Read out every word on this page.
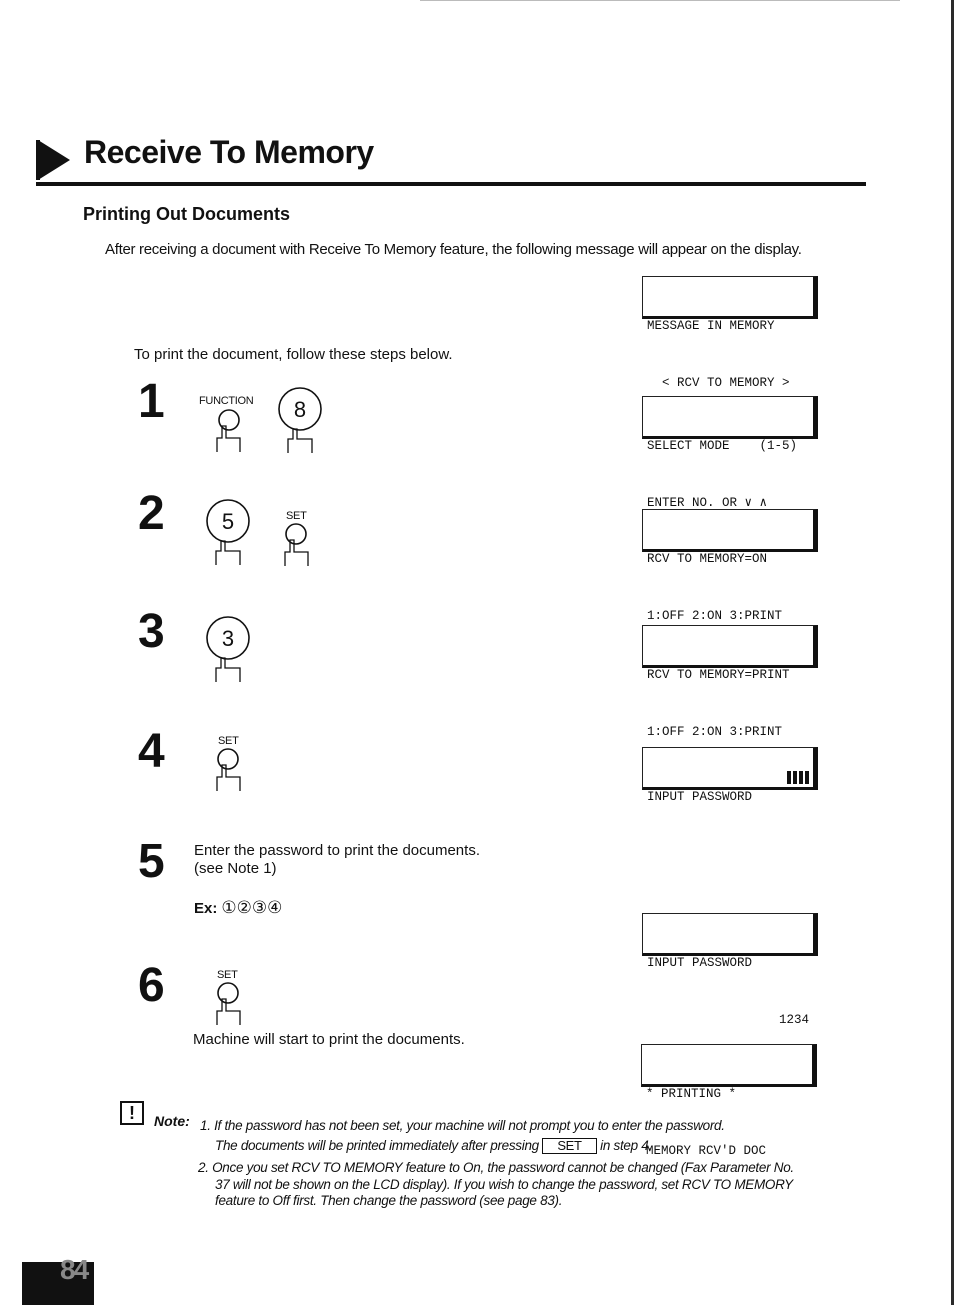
Receive To Memory
Printing Out Documents
After receiving a document with Receive To Memory feature, the following message will appear on the display.

MESSAGE IN MEMORY

< RCV TO MEMORY >

To print the document, follow these steps below.
1	FUNCTION 8

SELECT MODE    (1-5)

ENTER NO. OR ∨ ∧

2	5	SET

RCV TO MEMORY=ON

1:OFF 2:ON 3:PRINT

3	3

RCV TO MEMORY=PRINT

1:OFF 2:ON 3:PRINT

4	SET

INPUT PASSWORD

5 Enter the password to print the documents.
(see Note 1)
Ex: ①②③④

INPUT PASSWORD

1234

6	SET
Machine will start to print the documents.

* PRINTING *

MEMORY RCV'D DOC

!	Note: 1. If the password has not been set, your machine will not prompt you to enter the password.
The documents will be printed immediately after pressing SET in step 4.
2. Once you set RCV TO MEMORY feature to On, the password cannot be changed (Fax Parameter No.
37 will not be shown on the LCD display). If you wish to change the password, set RCV TO MEMORY
feature to Off first. Then change the password (see page 83).
84
